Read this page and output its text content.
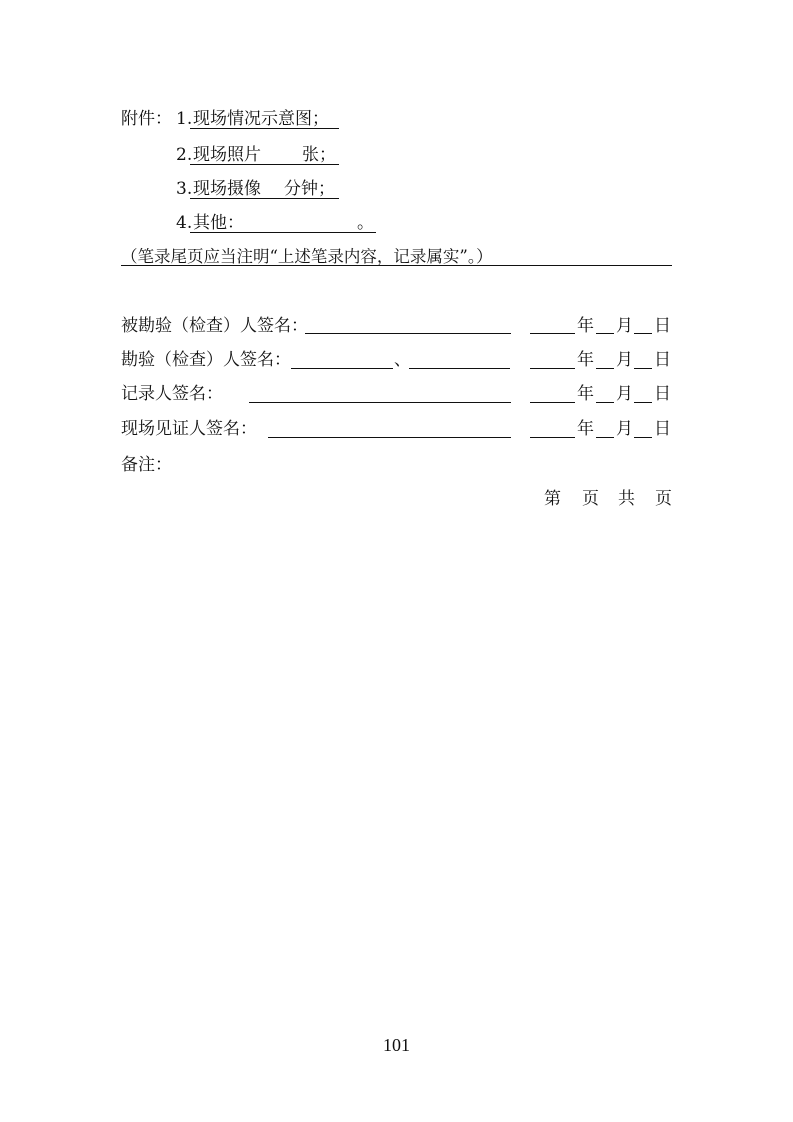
附件： 1. 现场情况示意图；
2. 现场照片 张；
3. 现场摄像 分钟；
4. 其他：	。
（笔录尾页应当注明“上述笔录内容，记录属实”。）
被勘验（检查）人签名：	年 月 日
勘验（检查）人签名：	、	年 月 日
记录人签名：	年 月 日
现场见证人签名：	年 月 日
备注：
第 页 共 页
101
